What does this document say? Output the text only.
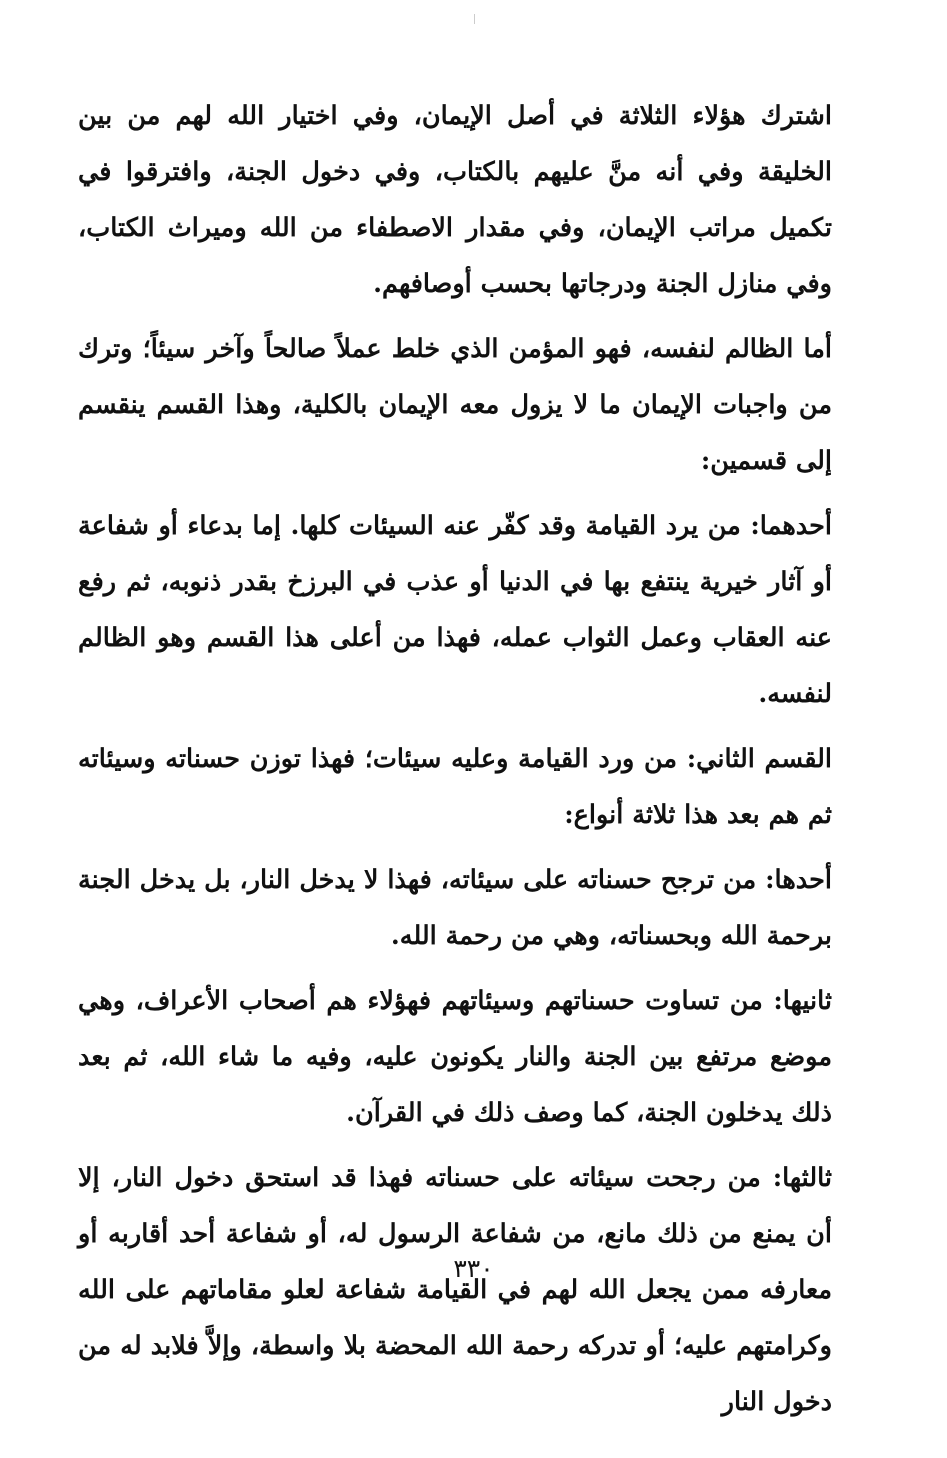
اشترك هؤلاء الثلاثة في أصل الإيمان، وفي اختيار الله لهم من بين الخليقة وفي أنه منَّ عليهم بالكتاب، وفي دخول الجنة، وافترقوا في تكميل مراتب الإيمان، وفي مقدار الاصطفاء من الله وميراث الكتاب، وفي منازل الجنة ودرجاتها بحسب أوصافهم.

أما الظالم لنفسه، فهو المؤمن الذي خلط عملاً صالحاً وآخر سيئاً؛ وترك من واجبات الإيمان ما لا يزول معه الإيمان بالكلية، وهذا القسم ينقسم إلى قسمين:

أحدهما: من يرد القيامة وقد كفّر عنه السيئات كلها. إما بدعاء أو شفاعة أو آثار خيرية ينتفع بها في الدنيا أو عذب في البرزخ بقدر ذنوبه، ثم رفع عنه العقاب وعمل الثواب عمله، فهذا من أعلى هذا القسم وهو الظالم لنفسه.

القسم الثاني: من ورد القيامة وعليه سيئات؛ فهذا توزن حسناته وسيئاته ثم هم بعد هذا ثلاثة أنواع:

أحدها: من ترجح حسناته على سيئاته، فهذا لا يدخل النار، بل يدخل الجنة برحمة الله وبحسناته، وهي من رحمة الله.

ثانيها: من تساوت حسناتهم وسيئاتهم فهؤلاء هم أصحاب الأعراف، وهي موضع مرتفع بين الجنة والنار يكونون عليه، وفيه ما شاء الله، ثم بعد ذلك يدخلون الجنة، كما وصف ذلك في القرآن.

ثالثها: من رجحت سيئاته على حسناته فهذا قد استحق دخول النار، إلا أن يمنع من ذلك مانع، من شفاعة الرسول له، أو شفاعة أحد أقاربه أو معارفه ممن يجعل الله لهم في القيامة شفاعة لعلو مقاماتهم على الله وكرامتهم عليه؛ أو تدركه رحمة الله المحضة بلا واسطة، وإلاَّ فلابد له من دخول النار

٣٣٠
